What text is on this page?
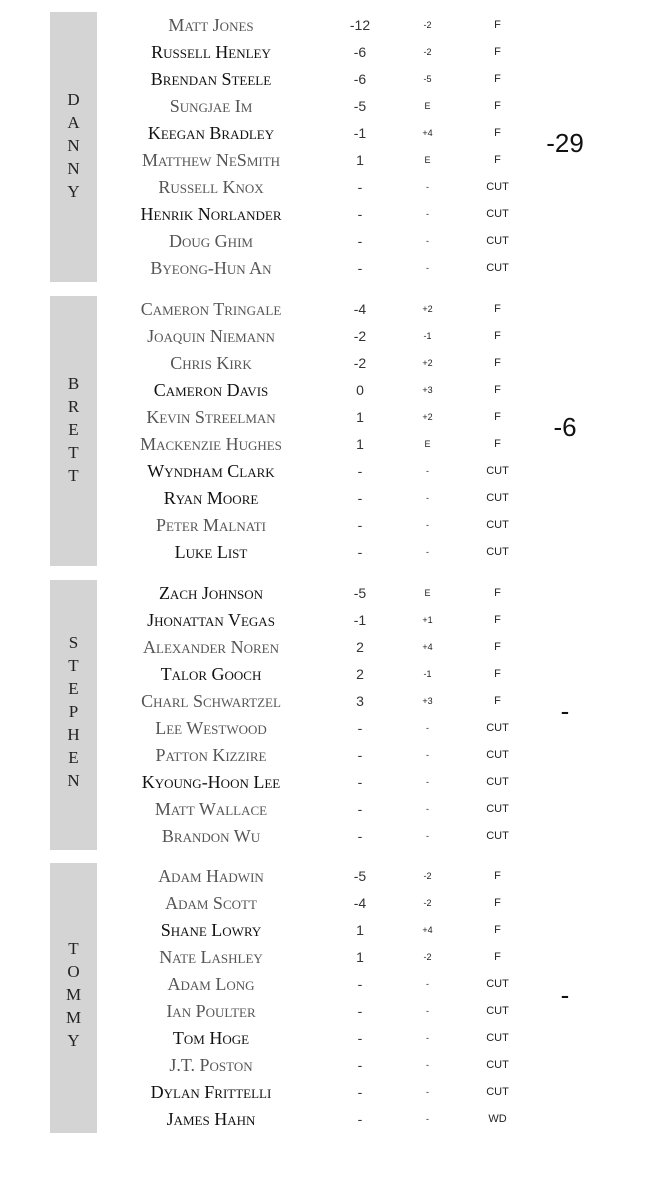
D
A
N
N
Y
-29
Matt Jones	-12	-2	F
Russell Henley	-6	-2	F
Brendan Steele	-6	-5	F
Sungjae Im	-5	E	F
Keegan Bradley	-1	+4	F
Matthew NeSmith	1	E	F
Russell Knox	-	-	CUT
Henrik Norlander	-	-	CUT
Doug Ghim	-	-	CUT
Byeong-Hun An	-	-	CUT
B
R
E
T
T
-6
Cameron Tringale	-4	+2	F
Joaquin Niemann	-2	-1	F
Chris Kirk	-2	+2	F
Cameron Davis	0	+3	F
Kevin Streelman	1	+2	F
Mackenzie Hughes	1	E	F
Wyndham Clark	-	-	CUT
Ryan Moore	-	-	CUT
Peter Malnati	-	-	CUT
Luke List	-	-	CUT
S
T
E
P
H
E
N
-
Zach Johnson	-5	E	F
Jhonattan Vegas	-1	+1	F
Alexander Noren	2	+4	F
Talor Gooch	2	-1	F
Charl Schwartzel	3	+3	F
Lee Westwood	-	-	CUT
Patton Kizzire	-	-	CUT
Kyoung-Hoon Lee	-	-	CUT
Matt Wallace	-	-	CUT
Brandon Wu	-	-	CUT
T
O
M
M
Y
-
Adam Hadwin	-5	-2	F
Adam Scott	-4	-2	F
Shane Lowry	1	+4	F
Nate Lashley	1	-2	F
Adam Long	-	-	CUT
Ian Poulter	-	-	CUT
Tom Hoge	-	-	CUT
J.T. Poston	-	-	CUT
Dylan Frittelli	-	-	CUT
James Hahn	-	-	WD
